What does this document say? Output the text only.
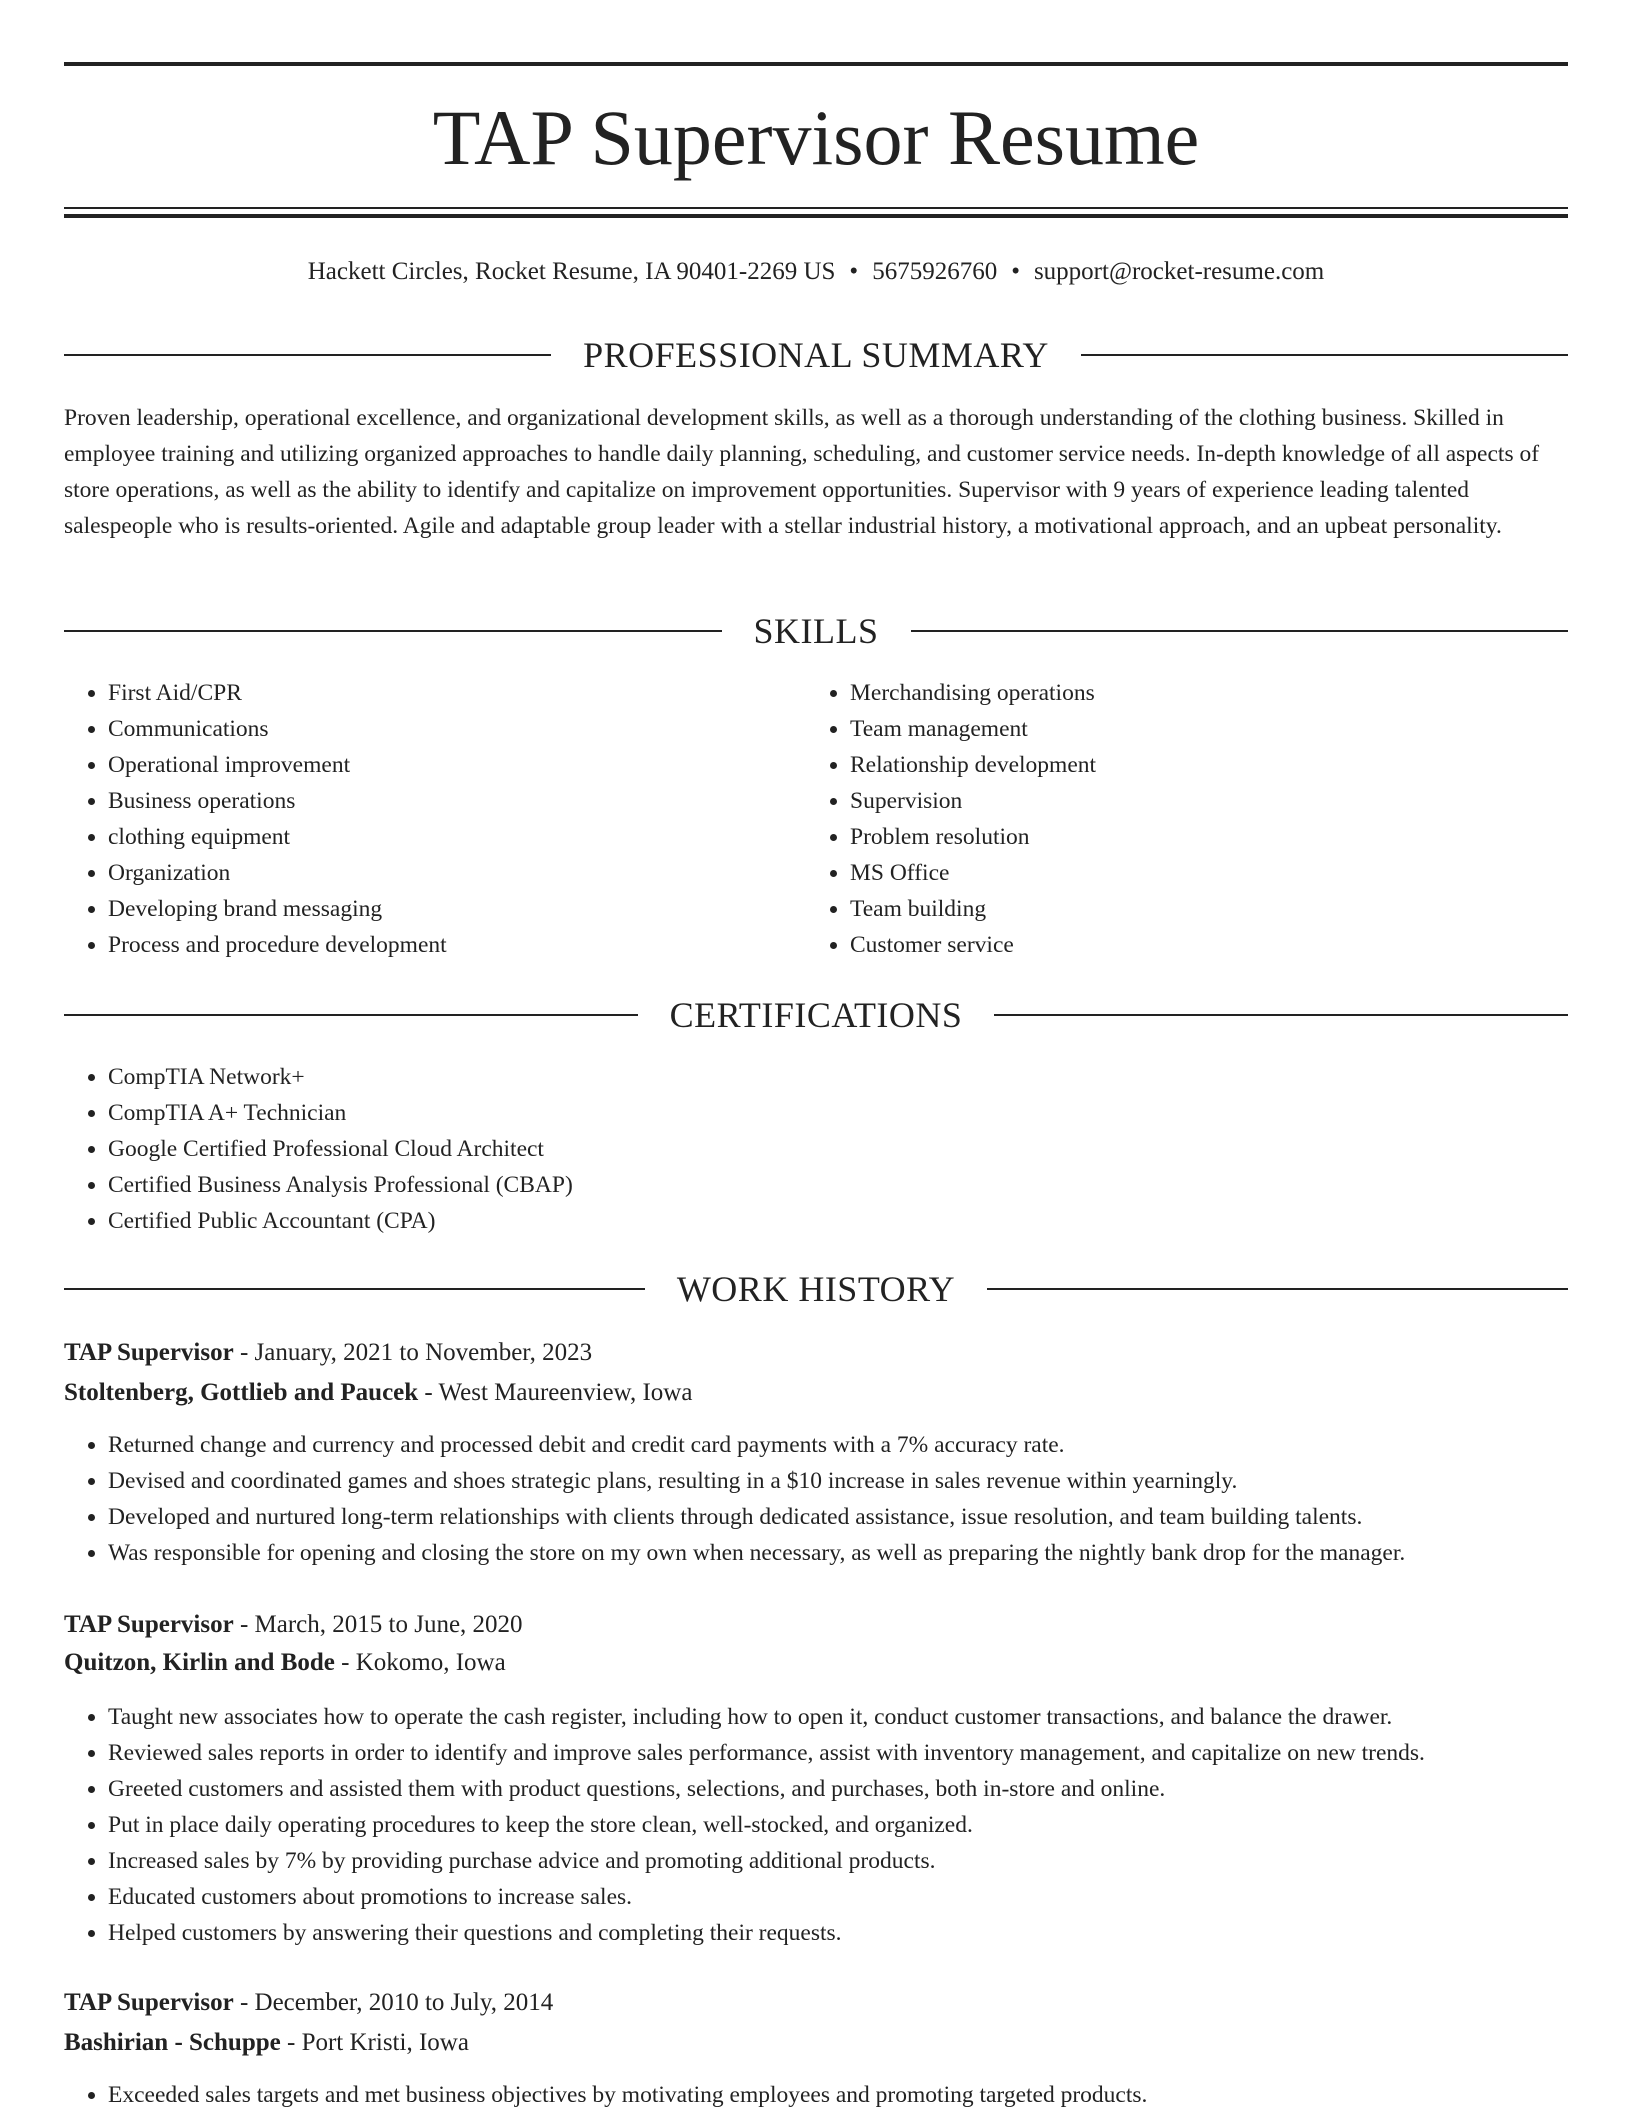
TAP Supervisor Resume
Hackett Circles, Rocket Resume, IA 90401-2269 US • 5675926760 • support@rocket-resume.com
PROFESSIONAL SUMMARY

Proven leadership, operational excellence, and organizational development skills, as well as a thorough understanding of the clothing business. Skilled in employee training and utilizing organized approaches to handle daily planning, scheduling, and customer service needs. In-depth knowledge of all aspects of store operations, as well as the ability to identify and capitalize on improvement opportunities. Supervisor with 9 years of experience leading talented salespeople who is results-oriented. Agile and adaptable group leader with a stellar industrial history, a motivational approach, and an upbeat personality.

SKILLS
• First Aid/CPR
• Communications
• Operational improvement
• Business operations
• clothing equipment
• Organization
• Developing brand messaging
• Process and procedure development
• Merchandising operations
• Team management
• Relationship development
• Supervision
• Problem resolution
• MS Office
• Team building
• Customer service
CERTIFICATIONS
• CompTIA Network+
• CompTIA A+ Technician
• Google Certified Professional Cloud Architect
• Certified Business Analysis Professional (CBAP)
• Certified Public Accountant (CPA)
WORK HISTORY
TAP Supervisor - January, 2021 to November, 2023
Stoltenberg, Gottlieb and Paucek - West Maureenview, Iowa
• Returned change and currency and processed debit and credit card payments with a 7% accuracy rate.
• Devised and coordinated games and shoes strategic plans, resulting in a $10 increase in sales revenue within yearningly.
• Developed and nurtured long-term relationships with clients through dedicated assistance, issue resolution, and team building talents.
• Was responsible for opening and closing the store on my own when necessary, as well as preparing the nightly bank drop for the manager.
TAP Supervisor - March, 2015 to June, 2020
Quitzon, Kirlin and Bode - Kokomo, Iowa
• Taught new associates how to operate the cash register, including how to open it, conduct customer transactions, and balance the drawer.
• Reviewed sales reports in order to identify and improve sales performance, assist with inventory management, and capitalize on new trends.
• Greeted customers and assisted them with product questions, selections, and purchases, both in-store and online.
• Put in place daily operating procedures to keep the store clean, well-stocked, and organized.
• Increased sales by 7% by providing purchase advice and promoting additional products.
• Educated customers about promotions to increase sales.
• Helped customers by answering their questions and completing their requests.
TAP Supervisor - December, 2010 to July, 2014
Bashirian - Schuppe - Port Kristi, Iowa
• Exceeded sales targets and met business objectives by motivating employees and promoting targeted products.
